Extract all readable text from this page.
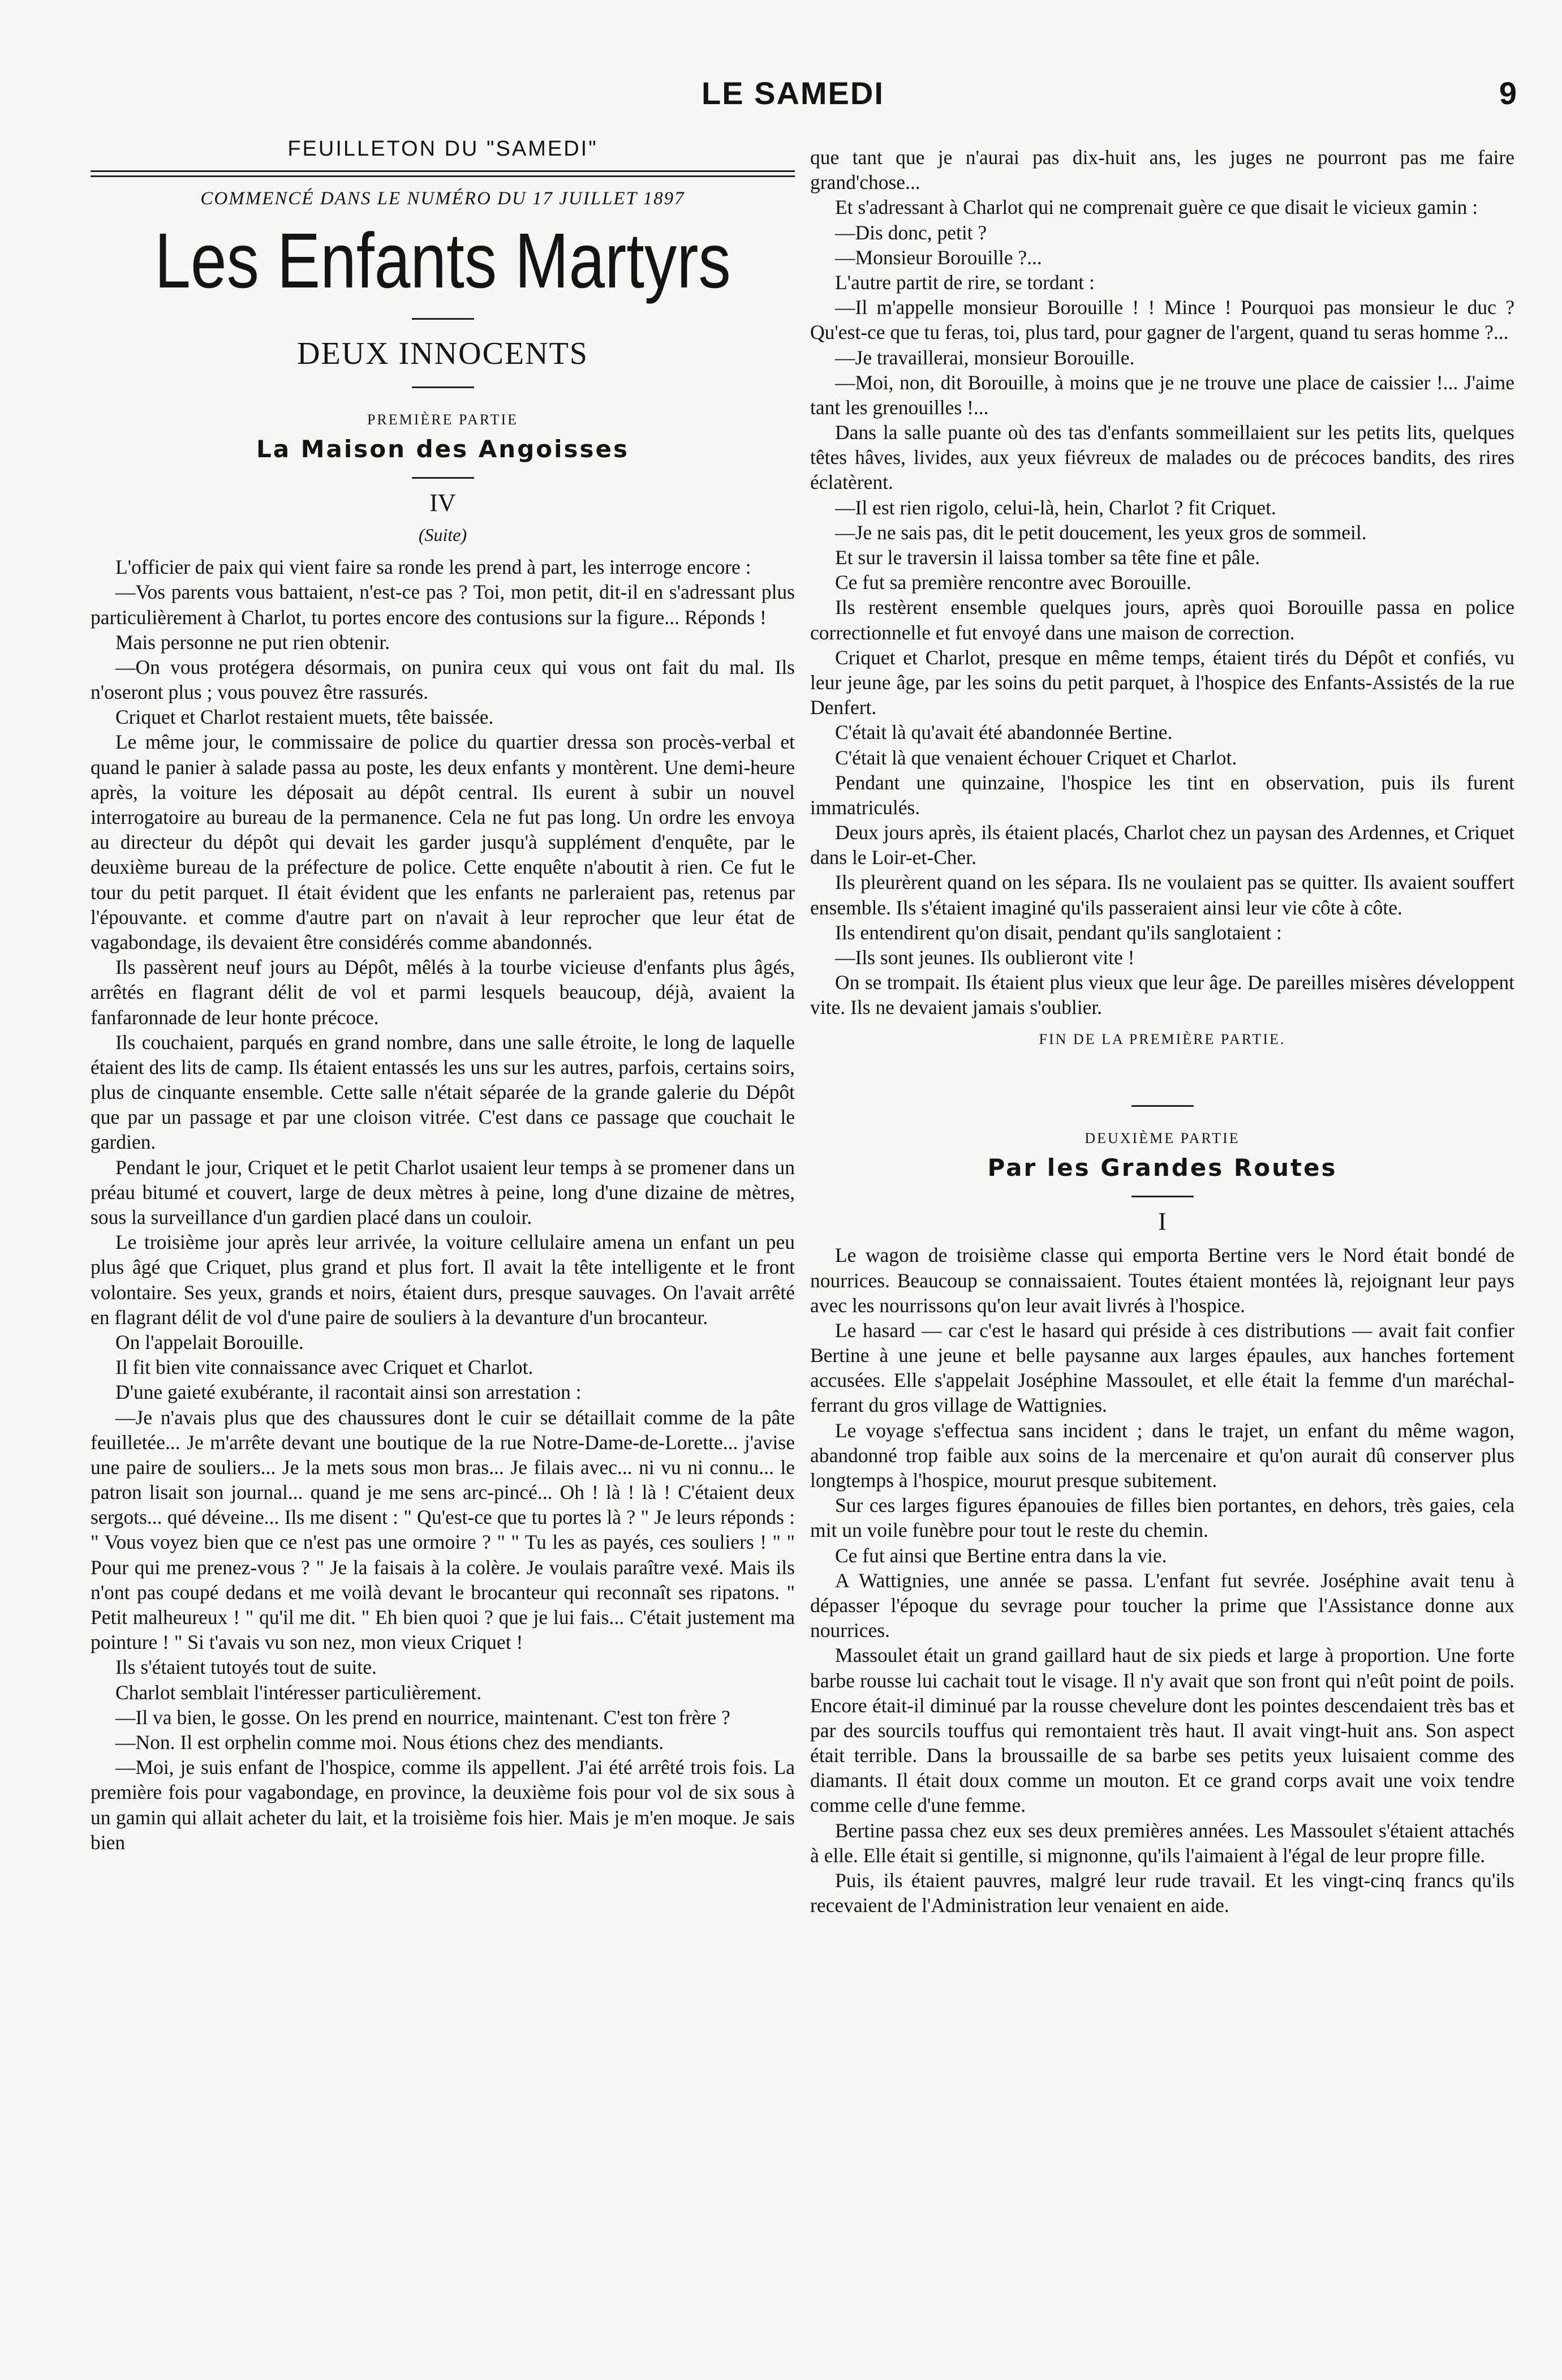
LE SAMEDI	9
FEUILLETON DU "SAMEDI"
COMMENCÉ DANS LE NUMÉRO DU 17 JUILLET 1897
Les Enfants Martyrs
DEUX INNOCENTS
PREMIÈRE PARTIE
La Maison des Angoisses
IV
(Suite)

L'officier de paix qui vient faire sa ronde les prend à part, les interroge encore :

—Vos parents vous battaient, n'est-ce pas ? Toi, mon petit, dit-il en s'adressant plus particulièrement à Charlot, tu portes encore des contusions sur la figure... Réponds !

Mais personne ne put rien obtenir.

—On vous protégera désormais, on punira ceux qui vous ont fait du mal. Ils n'oseront plus ; vous pouvez être rassurés.

Criquet et Charlot restaient muets, tête baissée.

Le même jour, le commissaire de police du quartier dressa son procès-verbal et quand le panier à salade passa au poste, les deux enfants y montèrent. Une demi-heure après, la voiture les déposait au dépôt central. Ils eurent à subir un nouvel interrogatoire au bureau de la permanence. Cela ne fut pas long. Un ordre les envoya au directeur du dépôt qui devait les garder jusqu'à supplément d'enquête, par le deuxième bureau de la préfecture de police. Cette enquête n'aboutit à rien. Ce fut le tour du petit parquet. Il était évident que les enfants ne parleraient pas, retenus par l'épouvante. et comme d'autre part on n'avait à leur reprocher que leur état de vagabondage, ils devaient être considérés comme abandonnés.

Ils passèrent neuf jours au Dépôt, mêlés à la tourbe vicieuse d'enfants plus âgés, arrêtés en flagrant délit de vol et parmi lesquels beaucoup, déjà, avaient la fanfaronnade de leur honte précoce.

Ils couchaient, parqués en grand nombre, dans une salle étroite, le long de laquelle étaient des lits de camp. Ils étaient entassés les uns sur les autres, parfois, certains soirs, plus de cinquante ensemble. Cette salle n'était séparée de la grande galerie du Dépôt que par un passage et par une cloison vitrée. C'est dans ce passage que couchait le gardien.

Pendant le jour, Criquet et le petit Charlot usaient leur temps à se promener dans un préau bitumé et couvert, large de deux mètres à peine, long d'une dizaine de mètres, sous la surveillance d'un gardien placé dans un couloir.

Le troisième jour après leur arrivée, la voiture cellulaire amena un enfant un peu plus âgé que Criquet, plus grand et plus fort. Il avait la tête intelligente et le front volontaire. Ses yeux, grands et noirs, étaient durs, presque sauvages. On l'avait arrêté en flagrant délit de vol d'une paire de souliers à la devanture d'un brocanteur.

On l'appelait Borouille.

Il fit bien vite connaissance avec Criquet et Charlot.

D'une gaieté exubérante, il racontait ainsi son arrestation :

—Je n'avais plus que des chaussures dont le cuir se détaillait comme de la pâte feuilletée... Je m'arrête devant une boutique de la rue Notre-Dame-de-Lorette... j'avise une paire de souliers... Je la mets sous mon bras... Je filais avec... ni vu ni connu... le patron lisait son journal... quand je me sens arc-pincé... Oh ! là ! là ! C'étaient deux sergots... qué déveine... Ils me disent : " Qu'est-ce que tu portes là ? " Je leurs réponds : " Vous voyez bien que ce n'est pas une ormoire ? " " Tu les as payés, ces souliers ! " " Pour qui me prenez-vous ? " Je la faisais à la colère. Je voulais paraître vexé. Mais ils n'ont pas coupé dedans et me voilà devant le brocanteur qui reconnaît ses ripatons. " Petit malheureux ! " qu'il me dit. " Eh bien quoi ? que je lui fais... C'était justement ma pointure ! " Si t'avais vu son nez, mon vieux Criquet !

Ils s'étaient tutoyés tout de suite.

Charlot semblait l'intéresser particulièrement.

—Il va bien, le gosse. On les prend en nourrice, maintenant. C'est ton frère ?

—Non. Il est orphelin comme moi. Nous étions chez des mendiants.

—Moi, je suis enfant de l'hospice, comme ils appellent. J'ai été arrêté trois fois. La première fois pour vagabondage, en province, la deuxième fois pour vol de six sous à un gamin qui allait acheter du lait, et la troisième fois hier. Mais je m'en moque. Je sais bien

que tant que je n'aurai pas dix-huit ans, les juges ne pourront pas me faire grand'chose...

Et s'adressant à Charlot qui ne comprenait guère ce que disait le vicieux gamin :

—Dis donc, petit ?

—Monsieur Borouille ?...

L'autre partit de rire, se tordant :

—Il m'appelle monsieur Borouille ! ! Mince ! Pourquoi pas monsieur le duc ? Qu'est-ce que tu feras, toi, plus tard, pour gagner de l'argent, quand tu seras homme ?...

—Je travaillerai, monsieur Borouille.

—Moi, non, dit Borouille, à moins que je ne trouve une place de caissier !... J'aime tant les grenouilles !...

Dans la salle puante où des tas d'enfants sommeillaient sur les petits lits, quelques têtes hâves, livides, aux yeux fiévreux de malades ou de précoces bandits, des rires éclatèrent.

—Il est rien rigolo, celui-là, hein, Charlot ? fit Criquet.

—Je ne sais pas, dit le petit doucement, les yeux gros de sommeil.

Et sur le traversin il laissa tomber sa tête fine et pâle.

Ce fut sa première rencontre avec Borouille.

Ils restèrent ensemble quelques jours, après quoi Borouille passa en police correctionnelle et fut envoyé dans une maison de correction.

Criquet et Charlot, presque en même temps, étaient tirés du Dépôt et confiés, vu leur jeune âge, par les soins du petit parquet, à l'hospice des Enfants-Assistés de la rue Denfert.

C'était là qu'avait été abandonnée Bertine.

C'était là que venaient échouer Criquet et Charlot.

Pendant une quinzaine, l'hospice les tint en observation, puis ils furent immatriculés.

Deux jours après, ils étaient placés, Charlot chez un paysan des Ardennes, et Criquet dans le Loir-et-Cher.

Ils pleurèrent quand on les sépara. Ils ne voulaient pas se quitter. Ils avaient souffert ensemble. Ils s'étaient imaginé qu'ils passeraient ainsi leur vie côte à côte.

Ils entendirent qu'on disait, pendant qu'ils sanglotaient :

—Ils sont jeunes. Ils oublieront vite !

On se trompait. Ils étaient plus vieux que leur âge. De pareilles misères développent vite. Ils ne devaient jamais s'oublier.

FIN DE LA PREMIÈRE PARTIE.
DEUXIÈME PARTIE
Par les Grandes Routes
I

Le wagon de troisième classe qui emporta Bertine vers le Nord était bondé de nourrices. Beaucoup se connaissaient. Toutes étaient montées là, rejoignant leur pays avec les nourrissons qu'on leur avait livrés à l'hospice.

Le hasard — car c'est le hasard qui préside à ces distributions — avait fait confier Bertine à une jeune et belle paysanne aux larges épaules, aux hanches fortement accusées. Elle s'appelait Joséphine Massoulet, et elle était la femme d'un maréchal-ferrant du gros village de Wattignies.

Le voyage s'effectua sans incident ; dans le trajet, un enfant du même wagon, abandonné trop faible aux soins de la mercenaire et qu'on aurait dû conserver plus longtemps à l'hospice, mourut presque subitement.

Sur ces larges figures épanouies de filles bien portantes, en dehors, très gaies, cela mit un voile funèbre pour tout le reste du chemin.

Ce fut ainsi que Bertine entra dans la vie.

A Wattignies, une année se passa. L'enfant fut sevrée. Joséphine avait tenu à dépasser l'époque du sevrage pour toucher la prime que l'Assistance donne aux nourrices.

Massoulet était un grand gaillard haut de six pieds et large à proportion. Une forte barbe rousse lui cachait tout le visage. Il n'y avait que son front qui n'eût point de poils. Encore était-il diminué par la rousse chevelure dont les pointes descendaient très bas et par des sourcils touffus qui remontaient très haut. Il avait vingt-huit ans. Son aspect était terrible. Dans la broussaille de sa barbe ses petits yeux luisaient comme des diamants. Il était doux comme un mouton. Et ce grand corps avait une voix tendre comme celle d'une femme.

Bertine passa chez eux ses deux premières années. Les Massoulet s'étaient attachés à elle. Elle était si gentille, si mignonne, qu'ils l'aimaient à l'égal de leur propre fille.

Puis, ils étaient pauvres, malgré leur rude travail. Et les vingt-cinq francs qu'ils recevaient de l'Administration leur venaient en aide.
